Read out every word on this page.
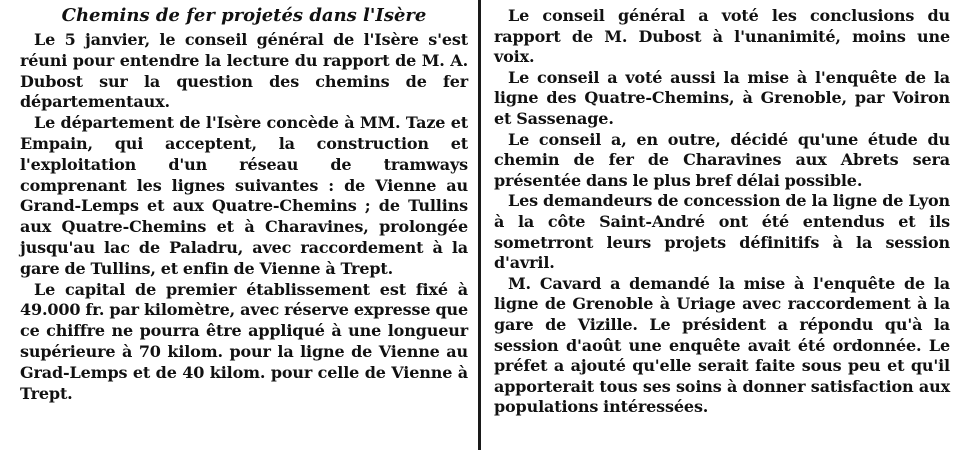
Chemins de fer projetés dans l'Isère

Le 5 janvier, le conseil général de l'Isère s'est réuni pour entendre la lecture du rapport de M. A. Dubost sur la question des chemins de fer départementaux.

Le département de l'Isère concède à MM. Taze et Empain, qui acceptent, la construction et l'exploitation d'un réseau de tramways comprenant les lignes suivantes : de Vienne au Grand-Lemps et aux Quatre-Chemins ; de Tullins aux Quatre-Chemins et à Charavines, prolongée jusqu'au lac de Paladru, avec raccordement à la gare de Tullins, et enfin de Vienne à Trept.

Le capital de premier établissement est fixé à 49.000 fr. par kilomètre, avec réserve expresse que ce chiffre ne pourra être appliqué à une longueur supérieure à 70 kilom. pour la ligne de Vienne au Grad-Lemps et de 40 kilom. pour celle de Vienne à Trept.

Le conseil général a voté les conclusions du rapport de M. Dubost à l'unanimité, moins une voix.

Le conseil a voté aussi la mise à l'enquête de la ligne des Quatre-Chemins, à Grenoble, par Voiron et Sassenage.

Le conseil a, en outre, décidé qu'une étude du chemin de fer de Charavines aux Abrets sera présentée dans le plus bref délai possible.

Les demandeurs de concession de la ligne de Lyon à la côte Saint-André ont été entendus et ils sometrront leurs projets définitifs à la session d'avril.

M. Cavard a demandé la mise à l'enquête de la ligne de Grenoble à Uriage avec raccordement à la gare de Vizille. Le président a répondu qu'à la session d'août une enquête avait été ordonnée. Le préfet a ajouté qu'elle serait faite sous peu et qu'il apporterait tous ses soins à donner satisfaction aux populations intéressées.
